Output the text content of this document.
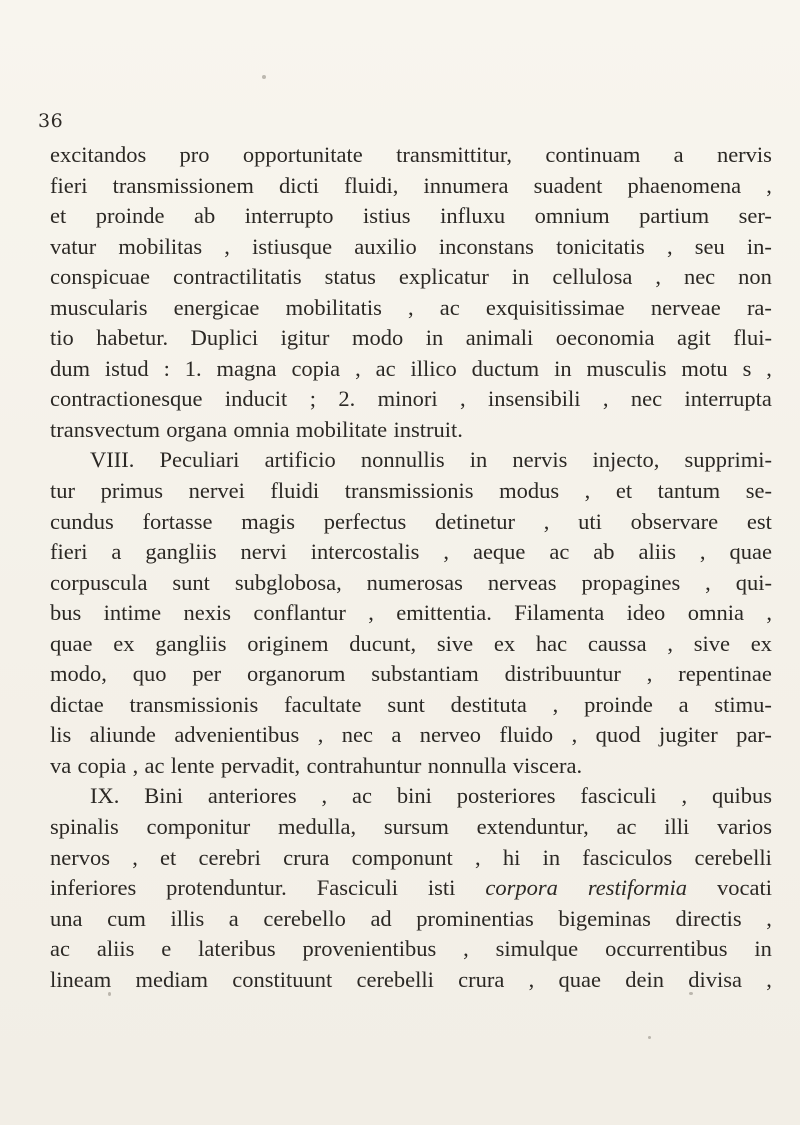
36
excitandos pro opportunitate transmittitur, continuam a nervis
fieri transmissionem dicti fluidi, innumera suadent phaenomena ,
et proinde ab interrupto istius influxu omnium partium ser-
vatur mobilitas , istiusque auxilio inconstans tonicitatis , seu in-
conspicuae contractilitatis status explicatur in cellulosa , nec non
muscularis energicae mobilitatis , ac exquisitissimae nerveae ra-
tio habetur. Duplici igitur modo in animali oeconomia agit flui-
dum istud : 1. magna copia , ac illico ductum in musculis motu s ,
contractionesque inducit ; 2. minori , insensibili , nec interrupta
transvectum organa omnia mobilitate instruit.
VIII. Peculiari artificio nonnullis in nervis injecto, supprimi-
tur primus nervei fluidi transmissionis modus , et tantum se-
cundus fortasse magis perfectus detinetur , uti observare est
fieri a gangliis nervi intercostalis , aeque ac ab aliis , quae
corpuscula sunt subglobosa, numerosas nerveas propagines , qui-
bus intime nexis conflantur , emittentia. Filamenta ideo omnia ,
quae ex gangliis originem ducunt, sive ex hac caussa , sive ex
modo, quo per organorum substantiam distribuuntur , repentinae
dictae transmissionis facultate sunt destituta , proinde a stimu-
lis aliunde advenientibus , nec a nerveo fluido , quod jugiter par-
va copia , ac lente pervadit, contrahuntur nonnulla viscera.
IX. Bini anteriores , ac bini posteriores fasciculi , quibus
spinalis componitur medulla, sursum extenduntur, ac illi varios
nervos , et cerebri crura componunt , hi in fasciculos cerebelli
inferiores protenduntur. Fasciculi isti corpora restiformia vocati
una cum illis a cerebello ad prominentias bigeminas directis ,
ac aliis e lateribus provenientibus , simulque occurrentibus in
lineam mediam constituunt cerebelli crura , quae dein divisa ,
